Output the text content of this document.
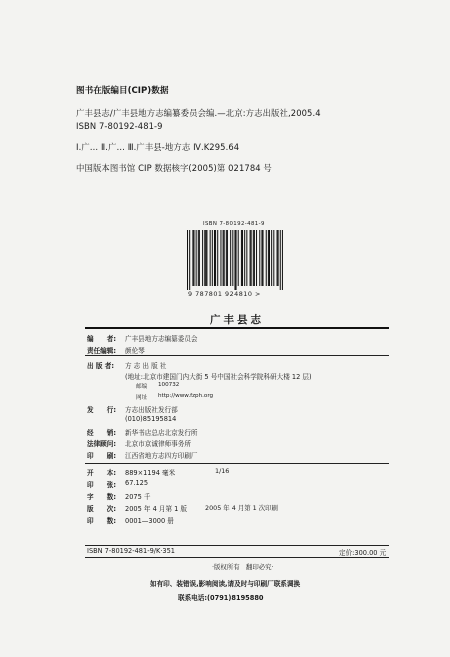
图书在版编目(CIP)数据
广丰县志/广丰县地方志编纂委员会编.—北京:方志出版社,2005.4
ISBN 7-80192-481-9
Ⅰ.广… Ⅱ.广… Ⅲ.广丰县-地方志 Ⅳ.K295.64
中国版本图书馆 CIP 数据核字(2005)第 021784 号
ISBN 7-80192-481-9
9 787801 924810 >
广丰县志
编　　者: 广丰县地方志编纂委员会
责任编辑: 颜伦琴
出 版 者: 方 志 出 版 社
(地址:北京市建国门内大街 5 号中国社会科学院科研大楼 12 层)
邮编 100732
网址 http://www.fzph.org
发　　行: 方志出版社发行部
(010)85195814
经　　销: 新华书店总店北京发行所
法律顾问: 北京市京诚律师事务所
印　　刷: 江西省地方志四方印刷厂
开　　本: 889×1194 毫米	1/16
印　　张: 67.125
字　　数: 2075 千
版　　次: 2005 年 4 月第 1 版	2005 年 4 月第 1 次印刷
印　　数: 0001—3000 册
ISBN 7-80192-481-9/K·351	定价:300.00 元
·版权所有　翻印必究·
如有印、装错误,影响阅读,请及时与印刷厂联系调换
联系电话:(0791)8195880
